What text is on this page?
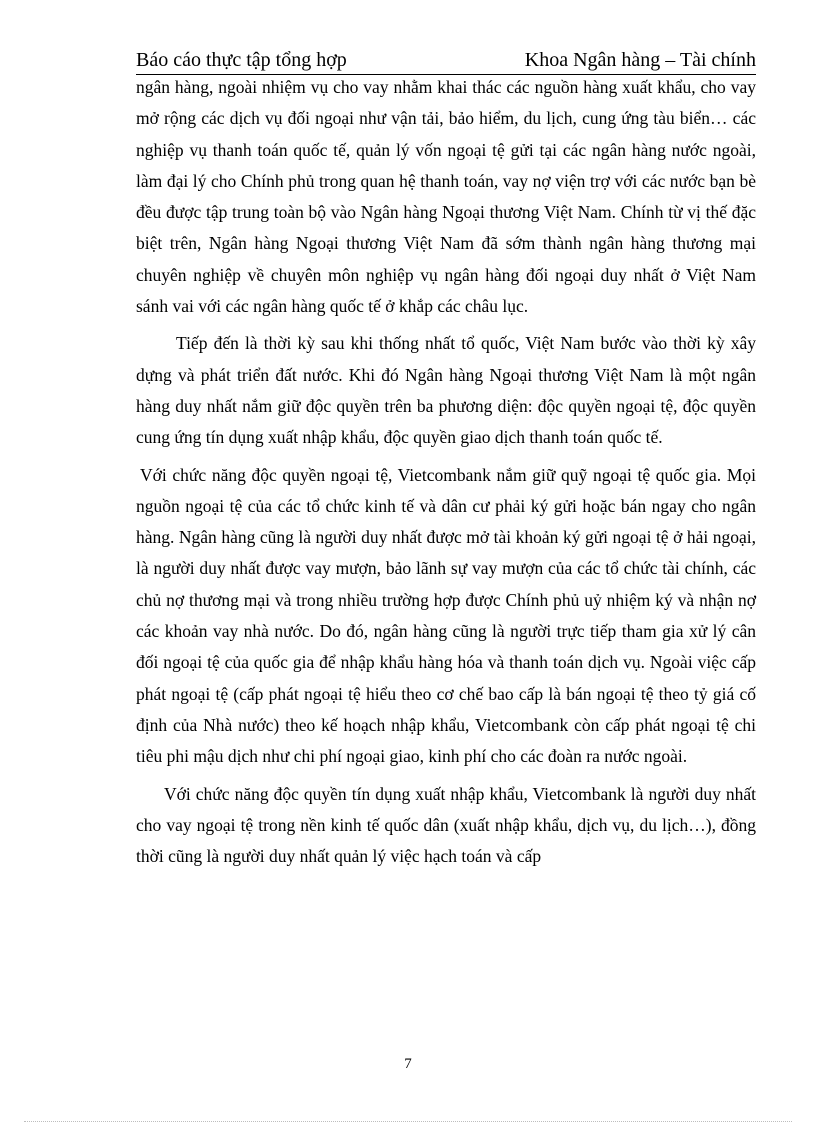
Báo cáo thực tập tổng hợp	Khoa Ngân hàng – Tài chính

ngân hàng, ngoài nhiệm vụ cho vay nhằm khai thác các nguồn hàng xuất khẩu, cho vay mở rộng các dịch vụ đối ngoại như vận tải, bảo hiểm, du lịch, cung ứng tàu biển… các nghiệp vụ thanh toán quốc tế, quản lý vốn ngoại tệ gửi tại các ngân hàng nước ngoài, làm đại lý cho Chính phủ trong quan hệ thanh toán, vay nợ viện trợ với các nước bạn bè đều được tập trung toàn bộ vào Ngân hàng Ngoại thương Việt Nam. Chính từ vị thế đặc biệt trên, Ngân hàng Ngoại thương Việt Nam đã sớm thành ngân hàng thương mại chuyên nghiệp về chuyên môn nghiệp vụ ngân hàng đối ngoại duy nhất ở Việt Nam sánh vai với các ngân hàng quốc tế ở khắp các châu lục.

Tiếp đến là thời kỳ sau khi thống nhất tổ quốc, Việt Nam bước vào thời kỳ xây dựng và phát triển đất nước. Khi đó Ngân hàng Ngoại thương Việt Nam là một ngân hàng duy nhất nắm giữ độc quyền trên ba phương diện: độc quyền ngoại tệ, độc quyền cung ứng tín dụng xuất nhập khẩu, độc quyền giao dịch thanh toán quốc tế.

Với chức năng độc quyền ngoại tệ, Vietcombank nắm giữ quỹ ngoại tệ quốc gia. Mọi nguồn ngoại tệ của các tổ chức kinh tế và dân cư phải ký gửi hoặc bán ngay cho ngân hàng. Ngân hàng cũng là người duy nhất được mở tài khoản ký gửi ngoại tệ ở hải ngoại, là người duy nhất được vay mượn, bảo lãnh sự vay mượn của các tổ chức tài chính, các chủ nợ thương mại và trong nhiều trường hợp được Chính phủ uỷ nhiệm ký và nhận nợ các khoản vay nhà nước. Do đó, ngân hàng cũng là người trực tiếp tham gia xử lý cân đối ngoại tệ của quốc gia để nhập khẩu hàng hóa và thanh toán dịch vụ. Ngoài việc cấp phát ngoại tệ (cấp phát ngoại tệ hiểu theo cơ chế bao cấp là bán ngoại tệ theo tỷ giá cố định của Nhà nước) theo kế hoạch nhập khẩu, Vietcombank còn cấp phát ngoại tệ chi tiêu phi mậu dịch như chi phí ngoại giao, kinh phí cho các đoàn ra nước ngoài.

Với chức năng độc quyền tín dụng xuất nhập khẩu, Vietcombank là người duy nhất cho vay ngoại tệ trong nền kinh tế quốc dân (xuất nhập khẩu, dịch vụ, du lịch…), đồng thời cũng là người duy nhất quản lý việc hạch toán và cấp

7
